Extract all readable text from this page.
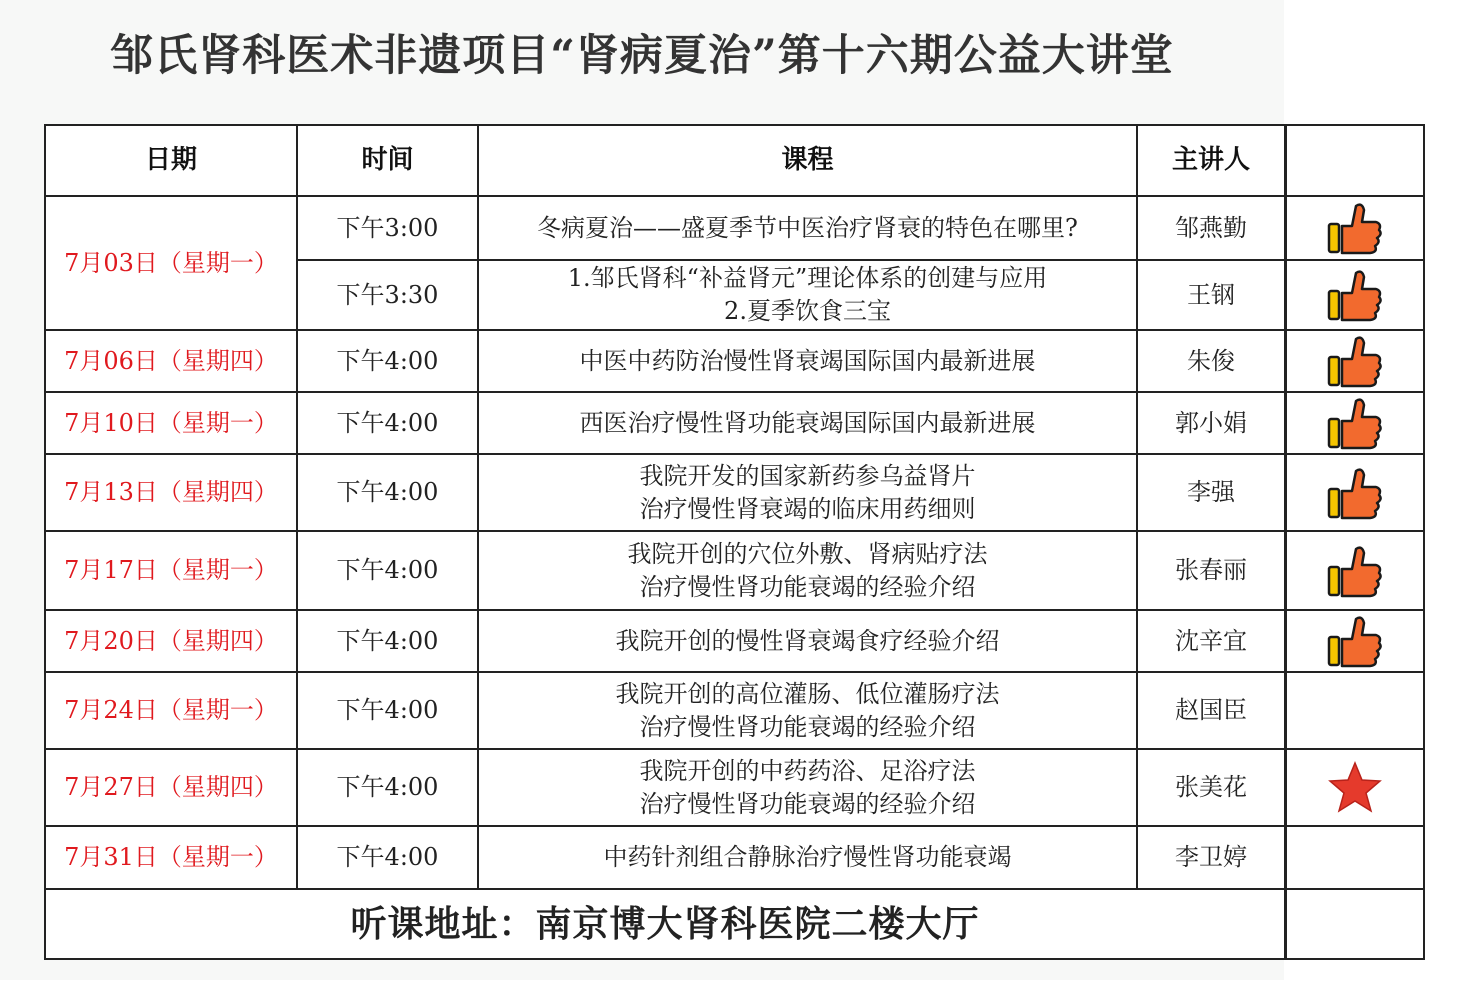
邹氏肾科医术非遗项目“肾病夏治”第十六期公益大讲堂
日期	时间	课程	主讲人
7月03日（星期一）	下午3:00	冬病夏治——盛夏季节中医治疗肾衰的特色在哪里?	邹燕勤
	下午3:30	1.邹氏肾科“补益肾元”理论体系的创建与应用
2.夏季饮食三宝	王钢
7月06日（星期四）	下午4:00	中医中药防治慢性肾衰竭国际国内最新进展	朱俊
7月10日（星期一）	下午4:00	西医治疗慢性肾功能衰竭国际国内最新进展	郭小娟
7月13日（星期四）	下午4:00	我院开发的国家新药参乌益肾片
治疗慢性肾衰竭的临床用药细则	李强
7月17日（星期一）	下午4:00	我院开创的穴位外敷、肾病贴疗法
治疗慢性肾功能衰竭的经验介绍	张春丽
7月20日（星期四）	下午4:00	我院开创的慢性肾衰竭食疗经验介绍	沈辛宜
7月24日（星期一）	下午4:00	我院开创的高位灌肠、低位灌肠疗法
治疗慢性肾功能衰竭的经验介绍	赵国臣
7月27日（星期四）	下午4:00	我院开创的中药药浴、足浴疗法
治疗慢性肾功能衰竭的经验介绍	张美花
7月31日（星期一）	下午4:00	中药针剂组合静脉治疗慢性肾功能衰竭	李卫婷
听课地址：南京博大肾科医院二楼大厅			
